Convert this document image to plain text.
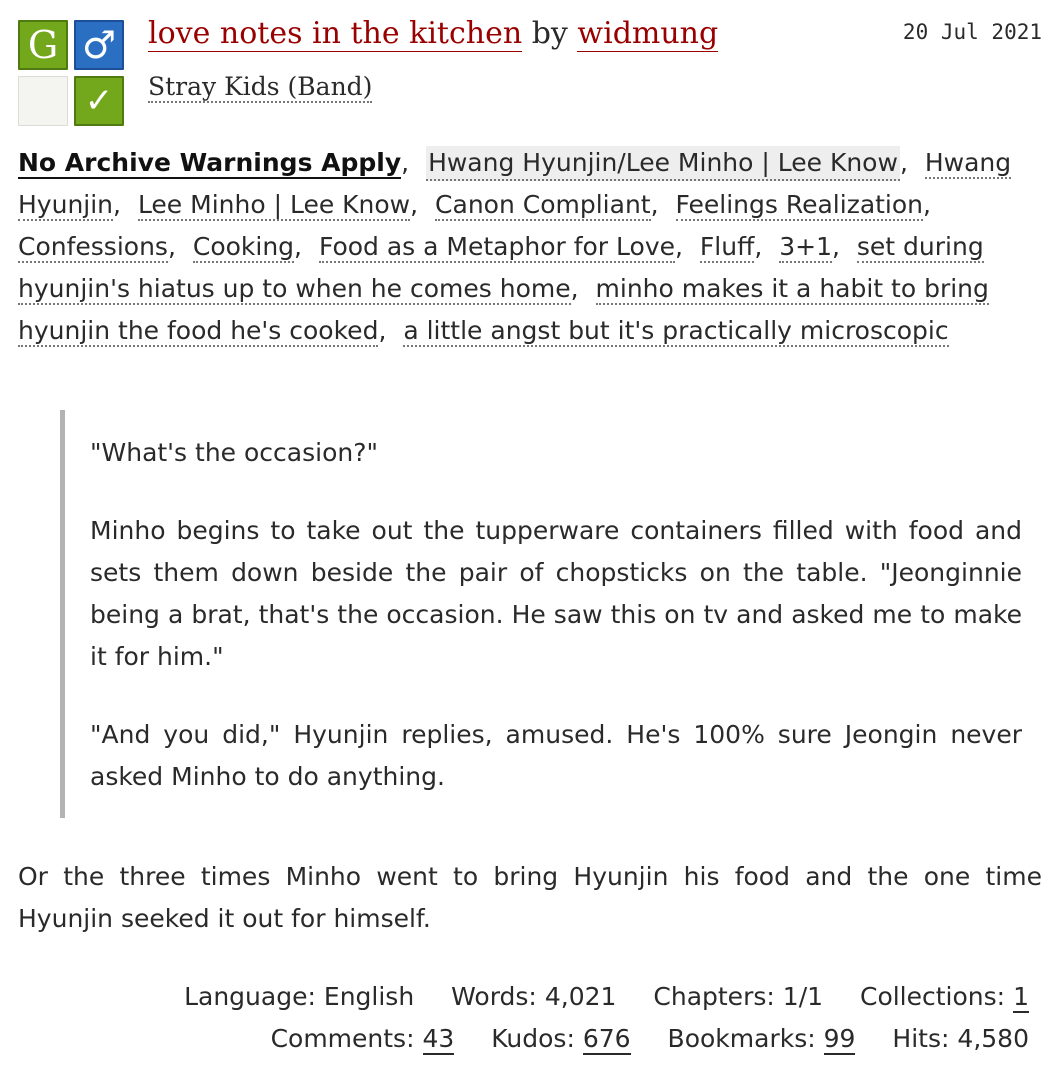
G ♂
✓
love notes in the kitchen by widmung
Stray Kids (Band)
20 Jul 2021
No Archive Warnings Apply, Hwang Hyunjin/Lee Minho | Lee Know, Hwang Hyunjin, Lee Minho | Lee Know, Canon Compliant, Feelings Realization, Confessions, Cooking, Food as a Metaphor for Love, Fluff, 3+1, set during hyunjin's hiatus up to when he comes home, minho makes it a habit to bring hyunjin the food he's cooked, a little angst but it's practically microscopic

"What's the occasion?"

Minho begins to take out the tupperware containers filled with food and sets them down beside the pair of chopsticks on the table. "Jeonginnie being a brat, that's the occasion. He saw this on tv and asked me to make it for him."

"And you did," Hyunjin replies, amused. He's 100% sure Jeongin never asked Minho to do anything.

Or the three times Minho went to bring Hyunjin his food and the one time Hyunjin seeked it out for himself.

Language: English Words: 4,021 Chapters: 1/1 Collections: 1
Comments: 43 Kudos: 676 Bookmarks: 99 Hits: 4,580
